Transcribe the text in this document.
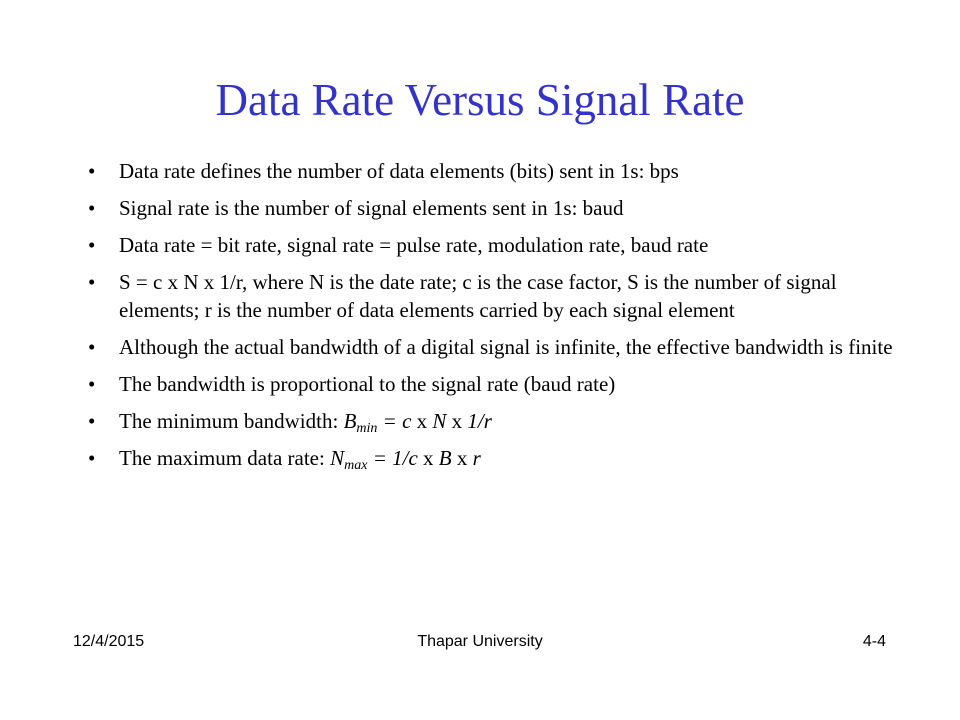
Data Rate Versus Signal Rate
•	Data rate defines the number of data elements (bits) sent in 1s: bps
•	Signal rate is the number of signal elements sent in 1s: baud
•	Data rate = bit rate, signal rate = pulse rate, modulation rate, baud rate
•	S = c x N x 1/r, where N is the date rate; c is the case factor, S is the number of signal elements; r is the number of data elements carried by each signal element
•	Although the actual bandwidth of a digital signal is infinite, the effective bandwidth is finite
•	The bandwidth is proportional to the signal rate (baud rate)
•	The minimum bandwidth: $B_{min} = c$ x N x 1/r
•	The maximum data rate: $N_{max} = 1/c$ x B x r
12/4/2015	Thapar University	4-4
